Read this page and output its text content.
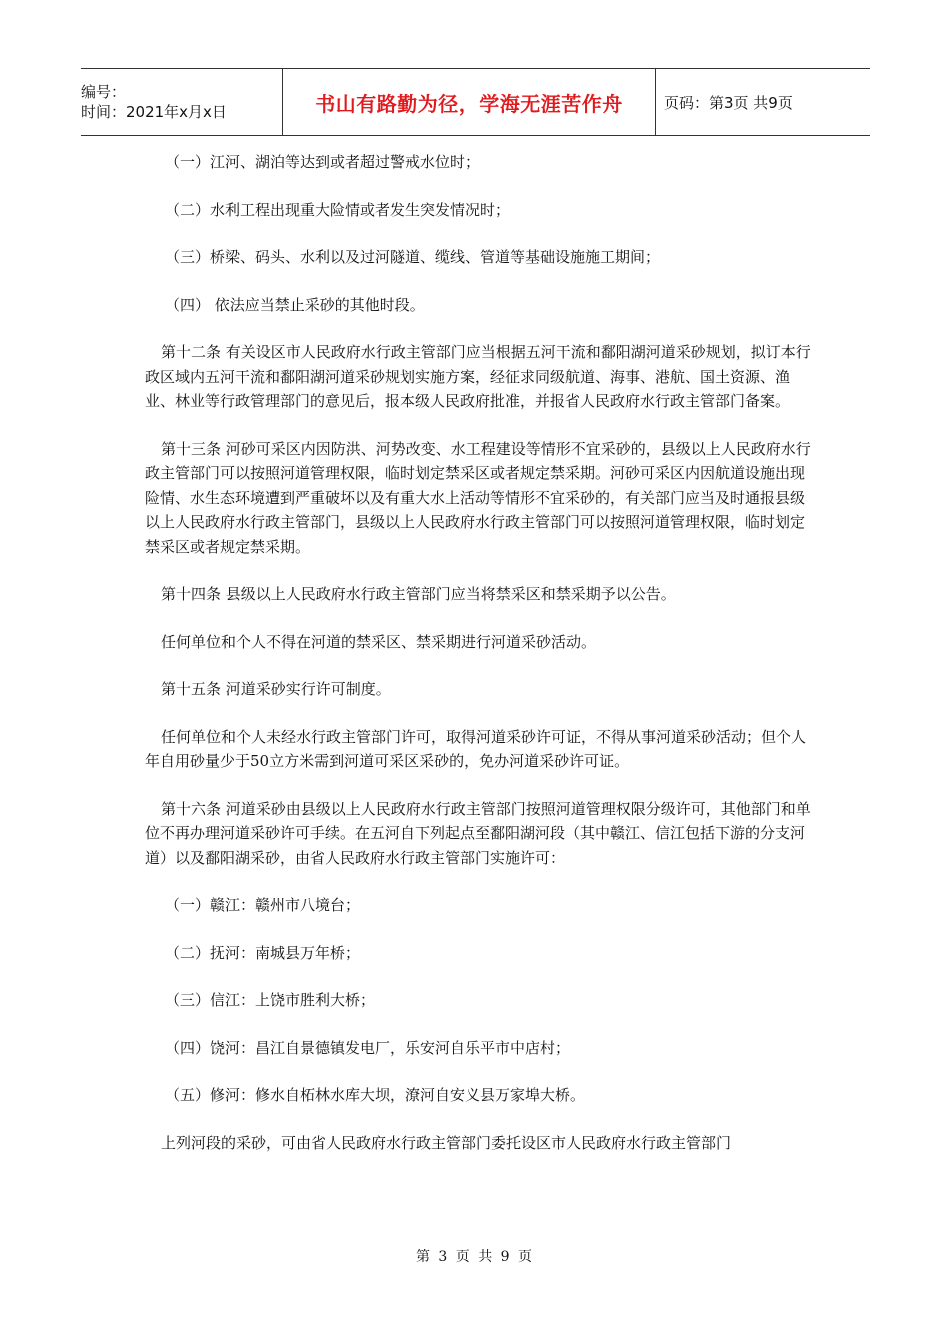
编号：
时间：2021年x月x日	书山有路勤为径，学海无涯苦作舟	页码：第3页 共9页

（一）江河、湖泊等达到或者超过警戒水位时；

（二）水利工程出现重大险情或者发生突发情况时；

（三）桥梁、码头、水利以及过河隧道、缆线、管道等基础设施施工期间；

（四） 依法应当禁止采砂的其他时段。

第十二条 有关设区市人民政府水行政主管部门应当根据五河干流和鄱阳湖河道采砂规划，拟订本行政区域内五河干流和鄱阳湖河道采砂规划实施方案，经征求同级航道、海事、港航、国土资源、渔业、林业等行政管理部门的意见后，报本级人民政府批准，并报省人民政府水行政主管部门备案。

第十三条 河砂可采区内因防洪、河势改变、水工程建设等情形不宜采砂的，县级以上人民政府水行政主管部门可以按照河道管理权限，临时划定禁采区或者规定禁采期。河砂可采区内因航道设施出现险情、水生态环境遭到严重破坏以及有重大水上活动等情形不宜采砂的，有关部门应当及时通报县级以上人民政府水行政主管部门，县级以上人民政府水行政主管部门可以按照河道管理权限，临时划定禁采区或者规定禁采期。

第十四条 县级以上人民政府水行政主管部门应当将禁采区和禁采期予以公告。

任何单位和个人不得在河道的禁采区、禁采期进行河道采砂活动。

第十五条 河道采砂实行许可制度。

任何单位和个人未经水行政主管部门许可，取得河道采砂许可证，不得从事河道采砂活动；但个人年自用砂量少于50立方米需到河道可采区采砂的，免办河道采砂许可证。

第十六条 河道采砂由县级以上人民政府水行政主管部门按照河道管理权限分级许可，其他部门和单位不再办理河道采砂许可手续。在五河自下列起点至鄱阳湖河段（其中赣江、信江包括下游的分支河道）以及鄱阳湖采砂，由省人民政府水行政主管部门实施许可：

（一）赣江：赣州市八境台；

（二）抚河：南城县万年桥；

（三）信江：上饶市胜利大桥；

（四）饶河：昌江自景德镇发电厂，乐安河自乐平市中店村；

（五）修河：修水自柘林水库大坝，潦河自安义县万家埠大桥。

上列河段的采砂，可由省人民政府水行政主管部门委托设区市人民政府水行政主管部门

第 3 页 共 9 页
